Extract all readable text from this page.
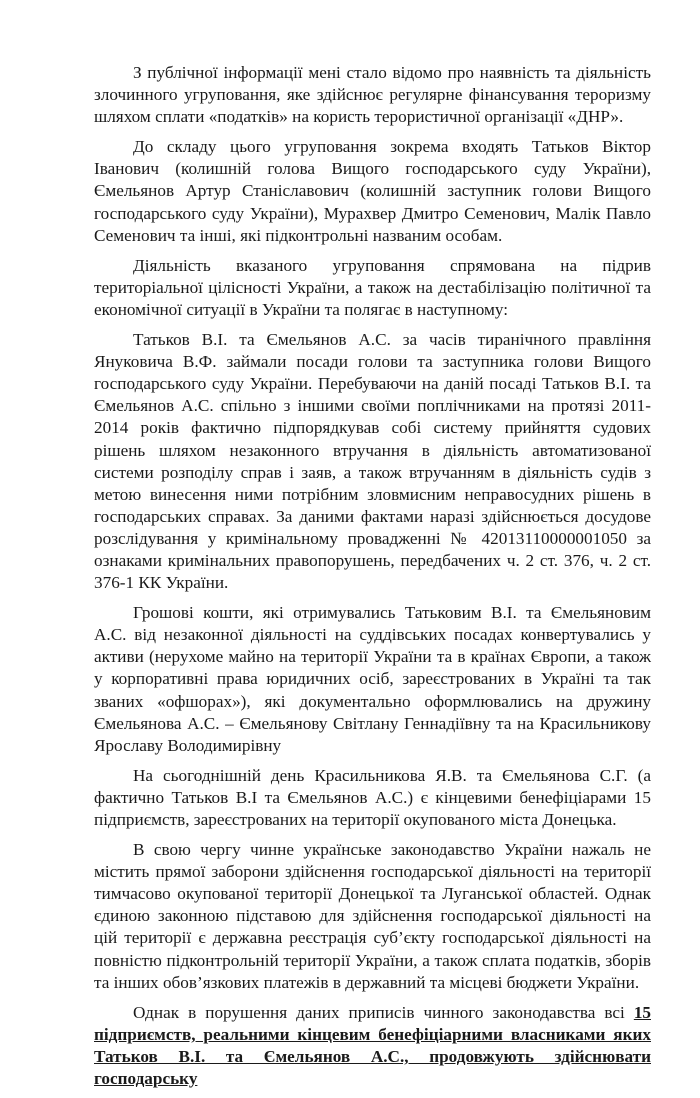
З публічної інформації мені стало відомо про наявність та діяльність злочинного угруповання, яке здійснює регулярне фінансування тероризму шляхом сплати «податків» на користь терористичної організації «ДНР».

До складу цього угруповання зокрема входять Татьков Віктор Іванович (колишній голова Вищого господарського суду України), Ємельянов Артур Станіславович (колишній заступник голови Вищого господарського суду України), Мурахвер Дмитро Семенович, Малік Павло Семенович та інші, які підконтрольні названим особам.

Діяльність вказаного угруповання спрямована на підрив територіальної цілісності України, а також на дестабілізацію політичної та економічної ситуації в України та полягає в наступному:

Татьков В.І. та Ємельянов А.С. за часів тиранічного правління Януковича В.Ф. займали посади голови та заступника голови Вищого господарського суду України. Перебуваючи на даній посаді Татьков В.І. та Ємельянов А.С. спільно з іншими своїми поплічниками на протязі 2011-2014 років фактично підпорядкував собі систему прийняття судових рішень шляхом незаконного втручання в діяльність автоматизованої системи розподілу справ і заяв, а також втручанням в діяльність судів з метою винесення ними потрібним зловмисним неправосудних рішень в господарських справах. За даними фактами наразі здійснюється досудове розслідування у кримінальному провадженні № 42013110000001050 за ознаками кримінальних правопорушень, передбачених ч. 2 ст. 376, ч. 2 ст. 376-1 КК України.

Грошові кошти, які отримувались Татьковим В.І. та Ємельяновим А.С. від незаконної діяльності на суддівських посадах конвертувались у активи (нерухоме майно на території України та в країнах Європи, а також у корпоративні права юридичних осіб, зареєстрованих в Україні та так званих «офшорах»), які документально оформлювались на дружину Ємельянова А.С. – Ємельянову Світлану Геннадіївну та на Красильникову Ярославу Володимирівну

На сьогоднішній день Красильникова Я.В. та Ємельянова С.Г. (а фактично Татьков В.І та Ємельянов А.С.) є кінцевими бенефіціарами 15 підприємств, зареєстрованих на території окупованого міста Донецька.

В свою чергу чинне українське законодавство України нажаль не містить прямої заборони здійснення господарської діяльності на території тимчасово окупованої території Донецької та Луганської областей. Однак єдиною законною підставою для здійснення господарської діяльності на цій території є державна реєстрація суб’єкту господарської діяльності на повністю підконтрольній території України, а також сплата податків, зборів та інших обов’язкових платежів в державний та місцеві бюджети України.

Однак в порушення даних приписів чинного законодавства всі 15 підприємств, реальними кінцевим бенефіціарними власниками яких Татьков В.І. та Ємельянов А.С., продовжують здійснювати господарську
